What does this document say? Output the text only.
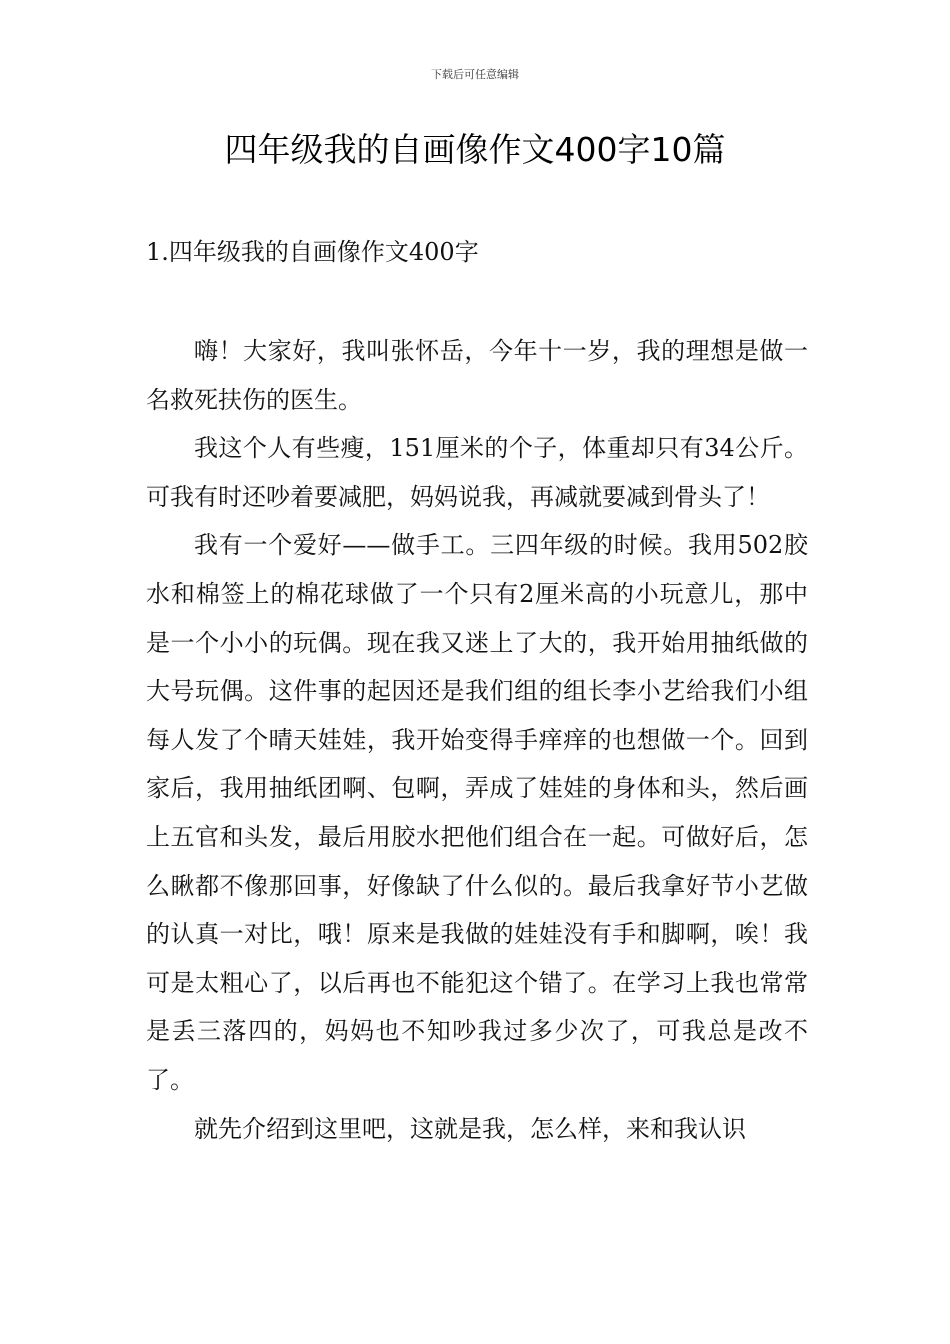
下载后可任意编辑
四年级我的自画像作文400字10篇
1.四年级我的自画像作文400字

嗨！大家好，我叫张怀岳，今年十一岁，我的理想是做一名救死扶伤的医生。

我这个人有些瘦，151厘米的个子，体重却只有34公斤。可我有时还吵着要减肥，妈妈说我，再减就要减到骨头了！

我有一个爱好——做手工。三四年级的时候。我用502胶水和棉签上的棉花球做了一个只有2厘米高的小玩意儿，那中是一个小小的玩偶。现在我又迷上了大的，我开始用抽纸做的大号玩偶。这件事的起因还是我们组的组长李小艺给我们小组每人发了个晴天娃娃，我开始变得手痒痒的也想做一个。回到家后，我用抽纸团啊、包啊，弄成了娃娃的身体和头，然后画上五官和头发，最后用胶水把他们组合在一起。可做好后，怎么瞅都不像那回事，好像缺了什么似的。最后我拿好节小艺做的认真一对比，哦！原来是我做的娃娃没有手和脚啊，唉！我可是太粗心了，以后再也不能犯这个错了。在学习上我也常常是丢三落四的，妈妈也不知吵我过多少次了，可我总是改不了。

就先介绍到这里吧，这就是我，怎么样，来和我认识
